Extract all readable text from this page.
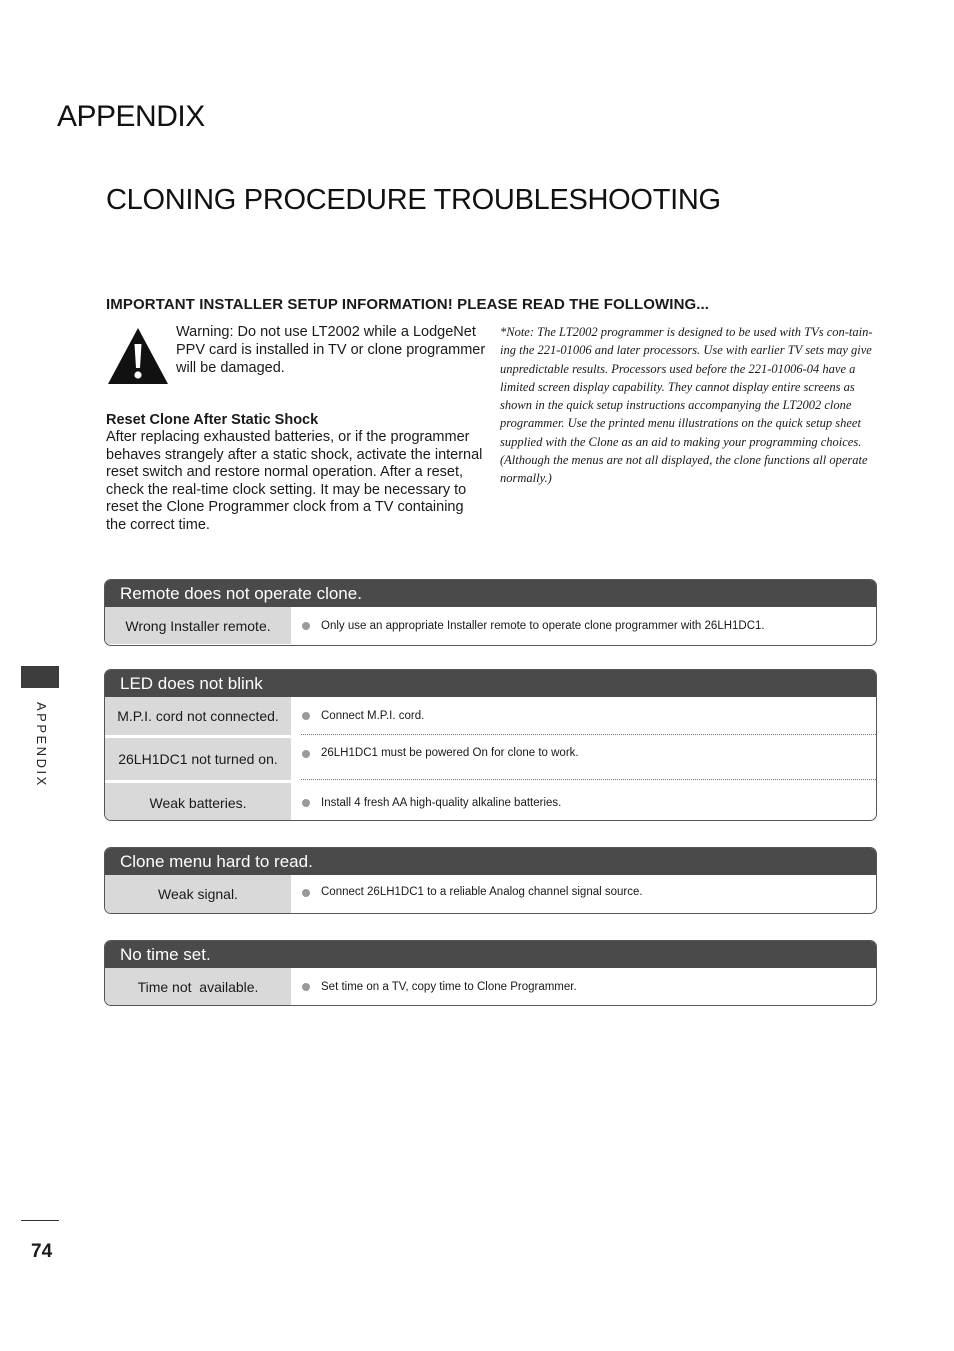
APPENDIX
CLONING PROCEDURE TROUBLESHOOTING
IMPORTANT INSTALLER SETUP INFORMATION! PLEASE READ THE FOLLOWING...
Warning: Do not use LT2002 while a LodgeNet PPV card is installed in TV or clone programmer will be damaged.
Reset Clone After Static Shock
After replacing exhausted batteries, or if the programmer behaves strangely after a static shock, activate the internal reset switch and restore normal operation. After a reset, check the real-time clock setting. It may be necessary to reset the Clone Programmer clock from a TV containing the correct time.
*Note: The LT2002 programmer is designed to be used with TVs con-tain-ing the 221-01006 and later processors. Use with earlier TV sets may give unpredictable results. Processors used before the 221-01006-04 have a limited screen display capability. They cannot display entire screens as shown in the quick setup instructions accompanying the LT2002 clone programmer. Use the printed menu illustrations on the quick setup sheet supplied with the Clone as an aid to making your programming choices. (Although the menus are not all displayed, the clone functions all operate normally.)
Remote does not operate clone.
Wrong Installer remote.	Only use an appropriate Installer remote to operate clone programmer with 26LH1DC1.
LED does not blink
M.P.I. cord not connected.	Connect M.P.I. cord.
26LH1DC1 not turned on.	26LH1DC1 must be powered On for clone to work.
Weak batteries.	Install 4 fresh AA high-quality alkaline batteries.
Clone menu hard to read.
Weak signal.	Connect 26LH1DC1 to a reliable Analog channel signal source.
No time set.
Time not  available.	Set time on a TV, copy time to Clone Programmer.
APPENDIX
74
